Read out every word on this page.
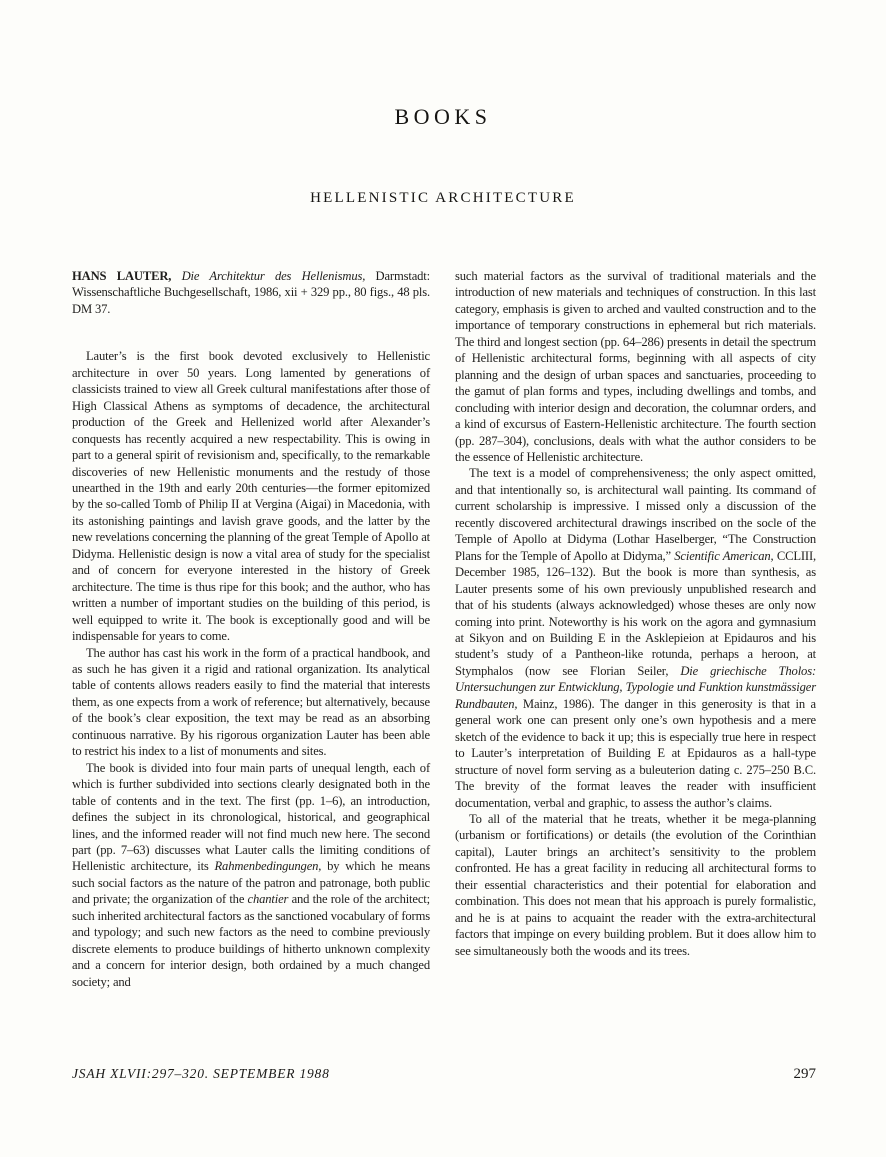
BOOKS
HELLENISTIC ARCHITECTURE

HANS LAUTER, Die Architektur des Hellenismus, Darmstadt: Wissenschaftliche Buchgesellschaft, 1986, xii + 329 pp., 80 figs., 48 pls. DM 37.

Lauter’s is the first book devoted exclusively to Hellenistic architecture in over 50 years. Long lamented by generations of classicists trained to view all Greek cultural manifestations after those of High Classical Athens as symptoms of decadence, the architectural production of the Greek and Hellenized world after Alexander’s conquests has recently acquired a new respectability. This is owing in part to a general spirit of revisionism and, specifically, to the remarkable discoveries of new Hellenistic monuments and the restudy of those unearthed in the 19th and early 20th centuries—the former epitomized by the so-called Tomb of Philip II at Vergina (Aigai) in Macedonia, with its astonishing paintings and lavish grave goods, and the latter by the new revelations concerning the planning of the great Temple of Apollo at Didyma. Hellenistic design is now a vital area of study for the specialist and of concern for everyone interested in the history of Greek architecture. The time is thus ripe for this book; and the author, who has written a number of important studies on the building of this period, is well equipped to write it. The book is exceptionally good and will be indispensable for years to come.

The author has cast his work in the form of a practical handbook, and as such he has given it a rigid and rational organization. Its analytical table of contents allows readers easily to find the material that interests them, as one expects from a work of reference; but alternatively, because of the book’s clear exposition, the text may be read as an absorbing continuous narrative. By his rigorous organization Lauter has been able to restrict his index to a list of monuments and sites.

The book is divided into four main parts of unequal length, each of which is further subdivided into sections clearly designated both in the table of contents and in the text. The first (pp. 1–6), an introduction, defines the subject in its chronological, historical, and geographical lines, and the informed reader will not find much new here. The second part (pp. 7–63) discusses what Lauter calls the limiting conditions of Hellenistic architecture, its Rahmenbedingungen, by which he means such social factors as the nature of the patron and patronage, both public and private; the organization of the chantier and the role of the architect; such inherited architectural factors as the sanctioned vocabulary of forms and typology; and such new factors as the need to combine previously discrete elements to produce buildings of hitherto unknown complexity and a concern for interior design, both ordained by a much changed society; and

such material factors as the survival of traditional materials and the introduction of new materials and techniques of construction. In this last category, emphasis is given to arched and vaulted construction and to the importance of temporary constructions in ephemeral but rich materials. The third and longest section (pp. 64–286) presents in detail the spectrum of Hellenistic architectural forms, beginning with all aspects of city planning and the design of urban spaces and sanctuaries, proceeding to the gamut of plan forms and types, including dwellings and tombs, and concluding with interior design and decoration, the columnar orders, and a kind of excursus of Eastern-Hellenistic architecture. The fourth section (pp. 287–304), conclusions, deals with what the author considers to be the essence of Hellenistic architecture.

The text is a model of comprehensiveness; the only aspect omitted, and that intentionally so, is architectural wall painting. Its command of current scholarship is impressive. I missed only a discussion of the recently discovered architectural drawings inscribed on the socle of the Temple of Apollo at Didyma (Lothar Haselberger, “The Construction Plans for the Temple of Apollo at Didyma,” Scientific American, CCLIII, December 1985, 126–132). But the book is more than synthesis, as Lauter presents some of his own previously unpublished research and that of his students (always acknowledged) whose theses are only now coming into print. Noteworthy is his work on the agora and gymnasium at Sikyon and on Building E in the Asklepieion at Epidauros and his student’s study of a Pantheon-like rotunda, perhaps a heroon, at Stymphalos (now see Florian Seiler, Die griechische Tholos: Untersuchungen zur Entwicklung, Typologie und Funktion kunstmässiger Rundbauten, Mainz, 1986). The danger in this generosity is that in a general work one can present only one’s own hypothesis and a mere sketch of the evidence to back it up; this is especially true here in respect to Lauter’s interpretation of Building E at Epidauros as a hall-type structure of novel form serving as a buleuterion dating c. 275–250 B.C. The brevity of the format leaves the reader with insufficient documentation, verbal and graphic, to assess the author’s claims.

To all of the material that he treats, whether it be mega-planning (urbanism or fortifications) or details (the evolution of the Corinthian capital), Lauter brings an architect’s sensitivity to the problem confronted. He has a great facility in reducing all architectural forms to their essential characteristics and their potential for elaboration and combination. This does not mean that his approach is purely formalistic, and he is at pains to acquaint the reader with the extra-architectural factors that impinge on every building problem. But it does allow him to see simultaneously both the woods and its trees.

JSAH XLVII:297–320. SEPTEMBER 1988	297
